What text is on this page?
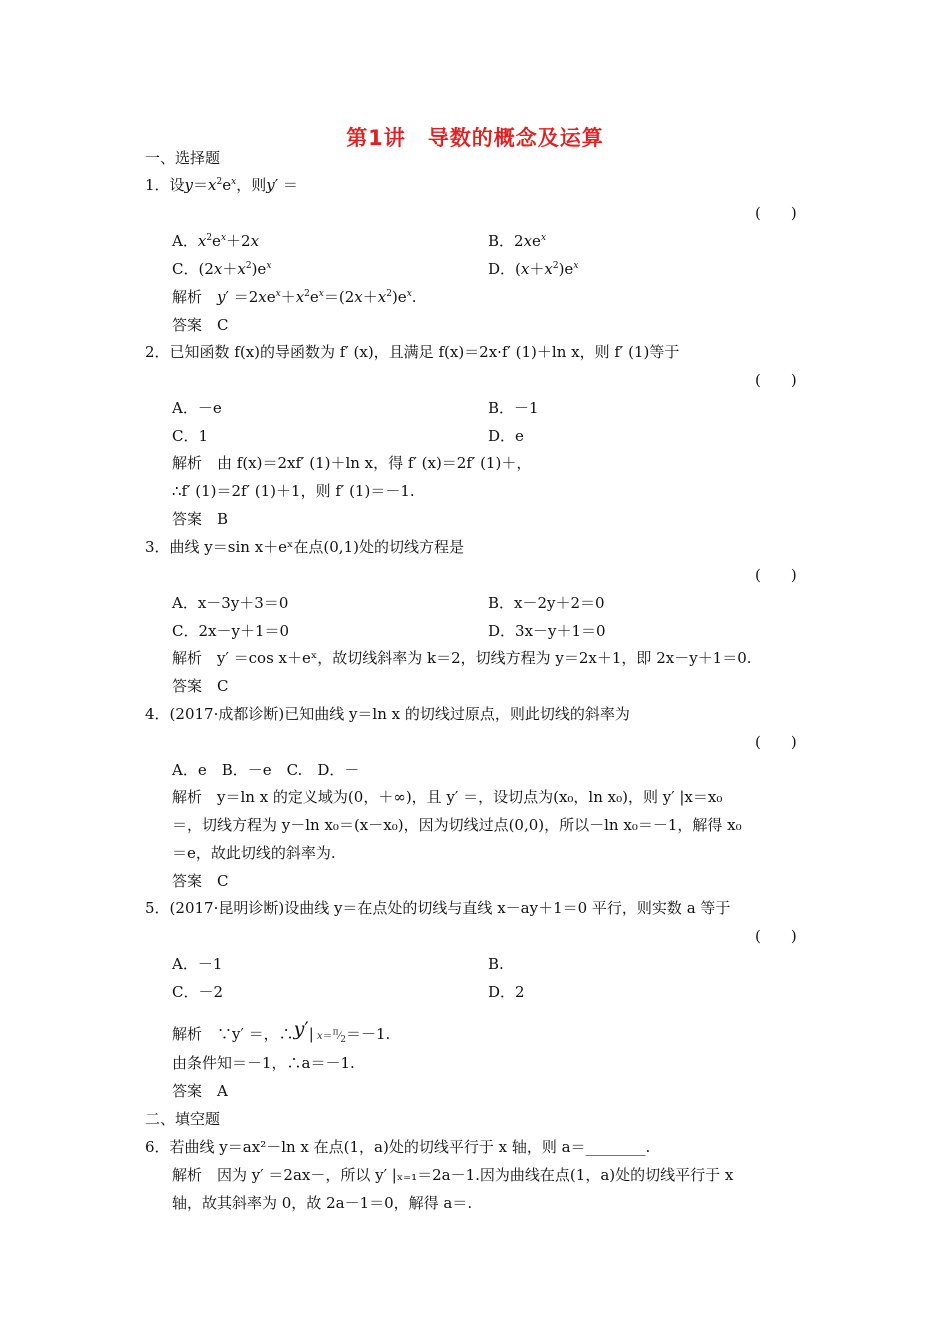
第1讲　导数的概念及运算
一、选择题
1．设$y=x^2e^x$，则y′ ＝
(　　)
A．$x^2e^x+2x$	B．$2xe^x$
C．$(2x+x^2)e^x$	D．$(x+x^2)e^x$
解析　 $y' =2xe^x+x^2e^x=(2x+x^2)e^x$.
答案　C
2．已知函数 f(x)的导函数为 f′ (x)，且满足 f(x)＝2x·f′ (1)＋ln x，则 f′ (1)等于
(　　)
A．－e	B．－1
C．1	D．e
解析　由 f(x)＝2xf′ (1)＋ln x，得 f′ (x)＝2f′ (1)＋，
∴f′ (1)＝2f′ (1)＋1，则 f′ (1)＝－1.
答案　B
3．曲线 y＝sin x＋eˣ在点(0,1)处的切线方程是
(　　)
A．x－3y＋3＝0	B．x－2y＋2＝0
C．2x－y＋1＝0	D．3x－y＋1＝0
解析　y′ ＝cos x＋eˣ，故切线斜率为 k＝2，切线方程为 y＝2x＋1，即 2x－y＋1＝0.
答案　C
4．(2017·成都诊断)已知曲线 y＝ln x 的切线过原点，则此切线的斜率为
(　　)
A．e　B．－e　C.　D．－
解析　y＝ln x 的定义域为(0，＋∞)，且 y′ ＝，设切点为(x₀，ln x₀)，则 y′ |x＝x₀
＝，切线方程为 y－ln x₀＝(x－x₀)，因为切线过点(0,0)，所以－ln x₀＝－1，解得 x₀
＝e，故此切线的斜率为.
答案　C
5．(2017·昆明诊断)设曲线 y＝在点处的切线与直线 x－ay＋1＝0 平行，则实数 a 等于
(　　)
A．－1	B.
C．－2	D．2
解析　∵y′ ＝，∴y′| $x=^\pi⁄_2=-1$.
由条件知＝－1，∴a＝－1.
答案　A
二、填空题
6．若曲线 y＝ax²－ln x 在点(1，a)处的切线平行于 x 轴，则 a＝________.
解析　因为 y′ ＝2ax－，所以 y′ |ₓ₌₁＝2a－1.因为曲线在点(1，a)处的切线平行于 x
轴，故其斜率为 0，故 2a－1＝0，解得 a＝.
